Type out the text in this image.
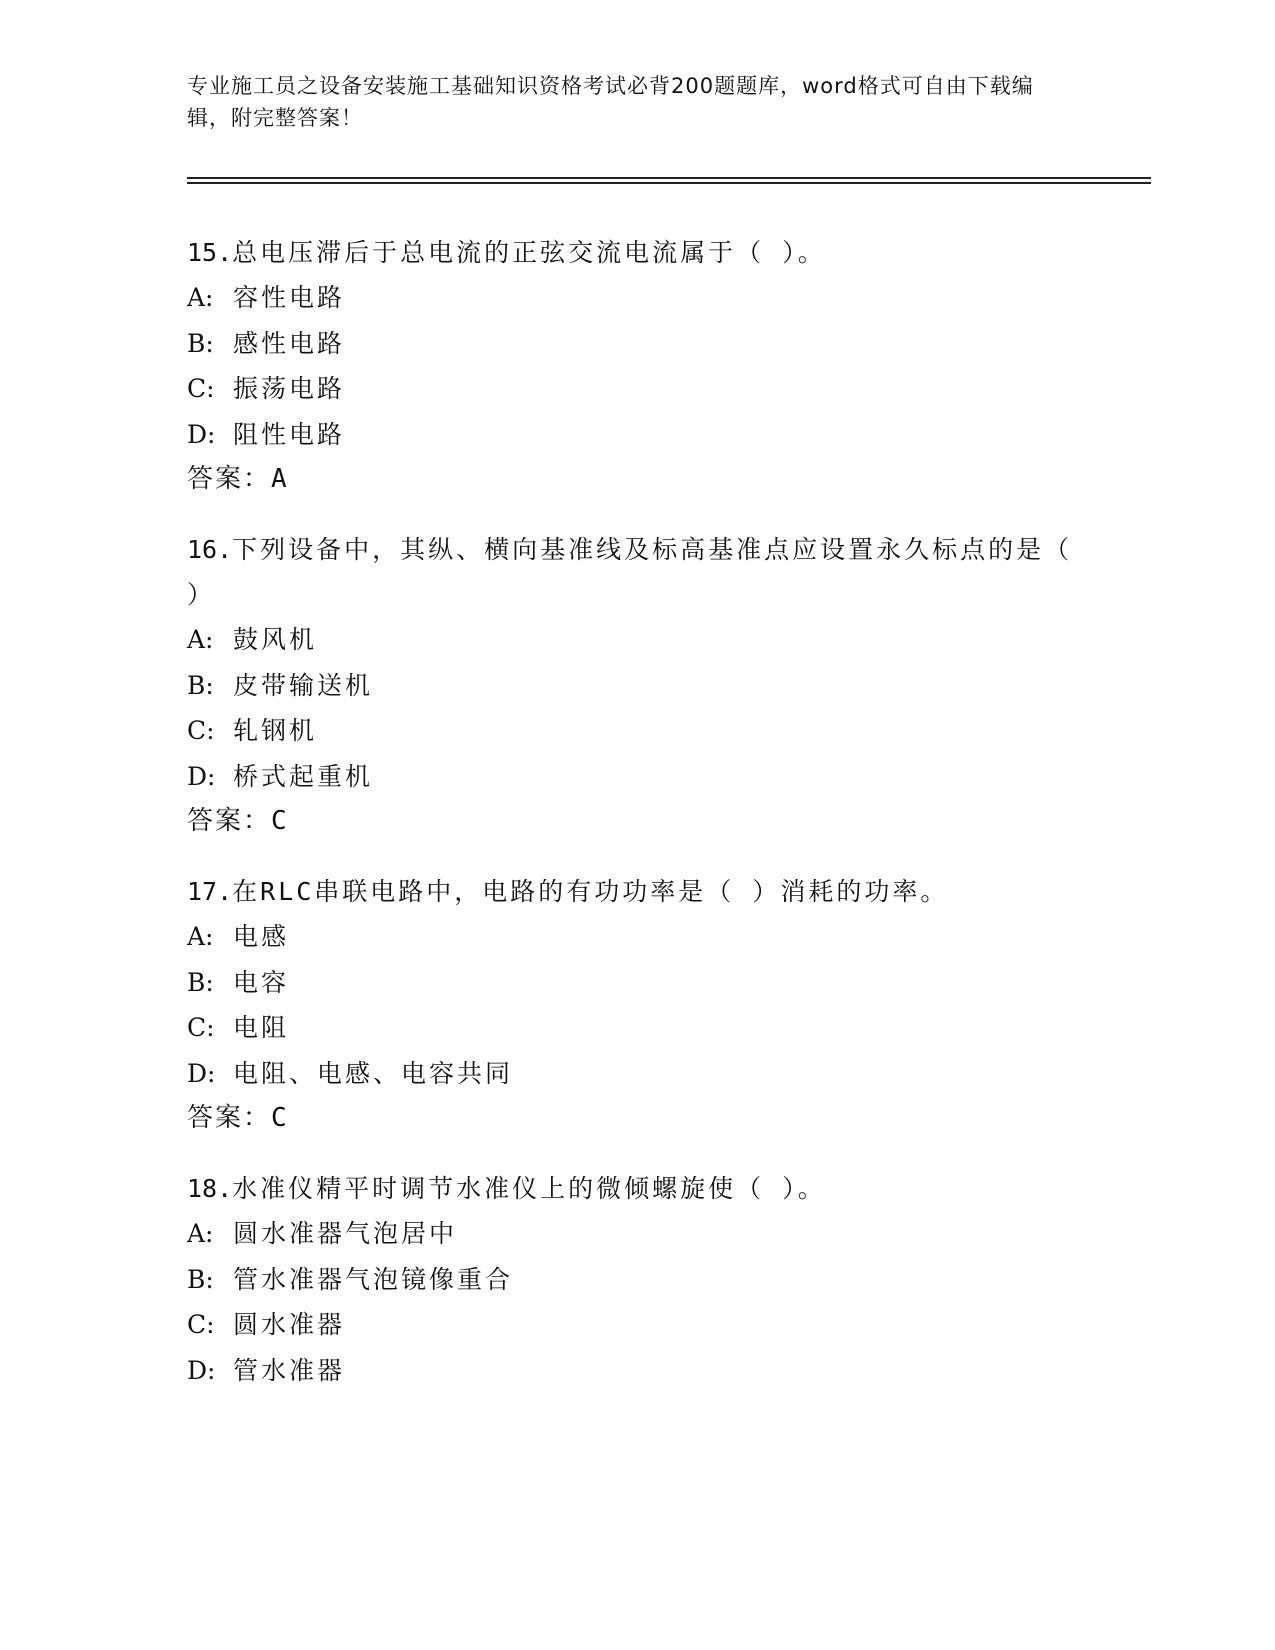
专业施工员之设备安装施工基础知识资格考试必背200题题库，word格式可自由下载编辑，附完整答案！
15.总电压滞后于总电流的正弦交流电流属于（ ）。
A: 容性电路
B: 感性电路
C: 振荡电路
D: 阻性电路
答案：A
16.下列设备中，其纵、横向基准线及标高基准点应设置永久标点的是（ ）
A: 鼓风机
B: 皮带输送机
C: 轧钢机
D: 桥式起重机
答案：C
17.在RLC串联电路中，电路的有功功率是（ ）消耗的功率。
A: 电感
B: 电容
C: 电阻
D: 电阻、电感、电容共同
答案：C
18.水准仪精平时调节水准仪上的微倾螺旋使（ ）。
A: 圆水准器气泡居中
B: 管水准器气泡镜像重合
C: 圆水准器
D: 管水准器
